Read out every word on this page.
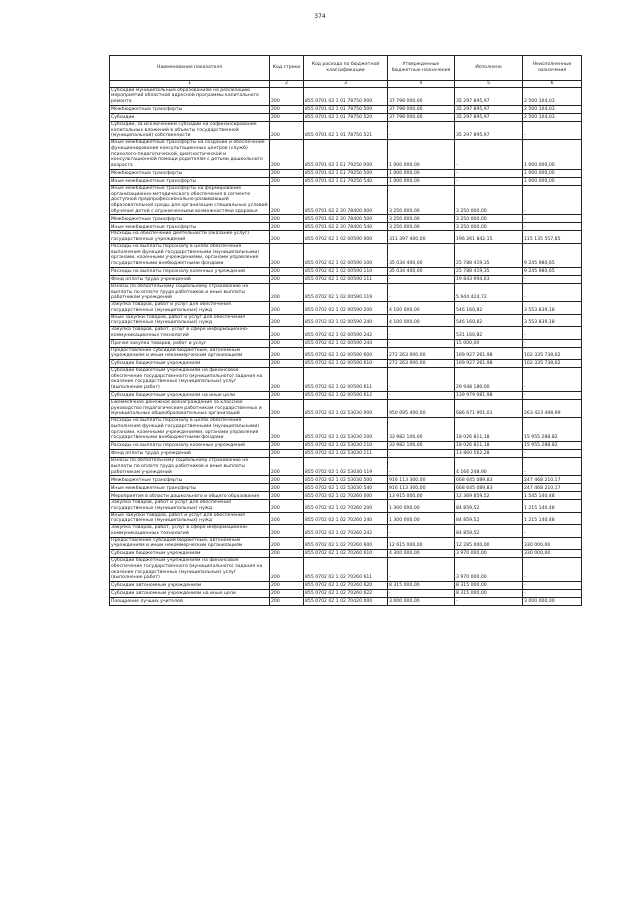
374
Наименование показателя	Код строки	Код расхода по бюджетной классификации	Утвержденные бюджетные назначения	Исполнено	Неисполненные назначения
1	2	3	4	5	6
Субсидии муниципальным образованиям на реализацию мероприятий областной адресной программы капитального ремонта	200	855 0701 02 1 01 78750 000	37 798 000,00	35 297 895,97	2 500 104,03
Межбюджетные трансферты	200	855 0701 02 1 01 78750 500	37 798 000,00	35 297 895,97	2 500 104,03
Субсидии	200	855 0701 02 1 01 78750 520	37 798 000,00	35 297 895,97	2 500 104,03
Субсидии, за исключением субсидий на софинансирование капитальных вложений в объекты государственной (муниципальной) собственности	200	855 0701 02 1 01 78750 521	-	35 297 895,97	-
Иные межбюджетные трансферты на создание и обеспечение функционирования консультационных центров (служб) психолого-педагогической, диагностической и консультационной помощи родителям с детьми дошкольного возраста	200	855 0701 02 1 Е1 79250 000	1 000 000,00	-	1 000 000,00
Межбюджетные трансферты	200	855 0701 02 1 Е1 79250 500	1 000 000,00	-	1 000 000,00
Иные межбюджетные трансферты	200	855 0701 02 1 Е1 79250 540	1 000 000,00	-	1 000 000,00
Иные межбюджетные трансферты на формирование организационно-методического обеспечения в сегменте доступной предпрофессионально-развивающей образовательной среды для организации специальных условий обучения детей с ограниченными возможностями здоровья	200	855 0701 02 2 20 78400 000	3 250 000,00	3 250 000,00	-
Межбюджетные трансферты	200	855 0701 02 2 20 78400 500	3 250 000,00	3 250 000,00	-
Иные межбюджетные трансферты	200	855 0701 02 2 20 78400 540	3 250 000,00	3 250 000,00	-
Расходы на обеспечение деятельности (оказание услуг) государственных учреждений	200	855 0702 02 1 02 00590 000	311 397 400,00	196 261 842,15	115 135 557,85
Расходы на выплаты персоналу в целях обеспечения выполнения функций государственными (муниципальными) органами, казенными учреждениями, органами управления государственными внебюджетными фондами	200	855 0702 02 1 02 00590 100	35 034 400,00	25 788 419,35	9 245 980,65
Расходы на выплаты персоналу казенных учреждений	200	855 0702 02 1 02 00590 110	35 034 400,00	25 788 419,35	9 245 980,65
Фонд оплаты труда учреждений	200	855 0702 02 1 02 00590 111	-	19 843 994,63	-
Взносы по обязательному социальному страхованию на выплаты по оплате труда работников и иные выплаты работникам учреждений	200	855 0702 02 1 02 00590 119	-	5 944 424,72	-
Закупка товаров, работ и услуг для обеспечения государственных (муниципальных) нужд	200	855 0702 02 1 02 00590 200	4 100 000,00	546 160,82	3 553 839,18
Иные закупки товаров, работ и услуг для обеспечения государственных (муниципальных) нужд	200	855 0702 02 1 02 00590 240	4 100 000,00	546 160,82	3 553 839,18
Закупка товаров, работ, услуг в сфере информационно-коммуникационных технологий	200	855 0702 02 1 02 00590 242	-	531 160,82	-
Прочая закупка товаров, работ и услуг	200	855 0702 02 1 02 00590 244	-	15 000,00	-
Предоставление субсидий бюджетным, автономным учреждениям и иным некоммерческим организациям	200	855 0702 02 1 02 00590 600	272 263 000,00	169 927 261,98	102 335 738,02
Субсидии бюджетным учреждениям	200	855 0702 02 1 02 00590 610	272 263 000,00	169 927 261,98	102 335 738,02
Субсидии бюджетным учреждениям на финансовое обеспечение государственного (муниципального) задания на оказание государственных (муниципальных) услуг (выполнение работ)	200	855 0702 02 1 02 00590 611	-	29 948 180,00	-
Субсидии бюджетным учреждениям на иные цели	200	855 0702 02 1 02 00590 612	-	139 979 081,98	-
Ежемесячное денежное вознаграждение за классное руководство педагогическим работникам государственных и муниципальных общеобразовательных организаций	200	855 0702 02 1 02 53030 000	950 095 400,00	686 671 901,01	263 423 498,99
Расходы на выплаты персоналу в целях обеспечения выполнения функций государственными (муниципальными) органами, казенными учреждениями, органами управления государственными внебюджетными фондами	200	855 0702 02 1 02 53030 100	33 982 100,00	18 026 811,18	15 955 288,82
Расходы на выплаты персоналу казенных учреждений	200	855 0702 02 1 02 53030 110	33 982 100,00	18 026 811,18	15 955 288,82
Фонд оплаты труда учреждений	200	855 0702 02 1 02 53030 111	-	13 860 562,28	-
Взносы по обязательному социальному страхованию на выплаты по оплате труда работников и иные выплаты работникам учреждений	200	855 0702 02 1 02 53030 119	-	4 166 248,90	-
Межбюджетные трансферты	200	855 0702 02 1 02 53030 500	916 113 300,00	668 645 089,83	247 468 210,17
Иные межбюджетные трансферты	200	855 0702 02 1 02 53030 540	916 113 300,00	668 645 089,83	247 468 210,17
Мероприятия в области дошкольного и общего образования	200	855 0702 02 1 02 70260 000	13 915 000,00	12 369 859,52	1 545 140,48
Закупка товаров, работ и услуг для обеспечения государственных (муниципальных) нужд	200	855 0702 02 1 02 70260 200	1 300 000,00	84 859,52	1 215 140,48
Иные закупки товаров, работ и услуг для обеспечения государственных (муниципальных) нужд	200	855 0702 02 1 02 70260 240	1 300 000,00	84 859,52	1 215 140,48
Закупка товаров, работ, услуг в сфере информационно-коммуникационных технологий	200	855 0702 02 1 02 70260 242	-	84 859,52	-
Предоставление субсидий бюджетным, автономным учреждениям и иным некоммерческим организациям	200	855 0702 02 1 02 70260 600	12 615 000,00	12 285 000,00	330 000,00
Субсидии бюджетным учреждениям	200	855 0702 02 1 02 70260 610	4 300 000,00	3 970 000,00	330 000,00
Субсидии бюджетным учреждениям на финансовое обеспечение государственного (муниципального) задания на оказание государственных (муниципальных) услуг (выполнение работ)	200	855 0702 02 1 02 70260 611	-	3 970 000,00	-
Субсидии автономным учреждениям	200	855 0702 02 1 02 70260 620	8 315 000,00	8 315 000,00	-
Субсидии автономным учреждениям на иные цели	200	855 0702 02 1 02 70260 622	-	8 315 000,00	-
Поощрение лучших учителей	200	855 0702 02 1 02 70420 000	3 000 000,00	-	3 000 000,00
